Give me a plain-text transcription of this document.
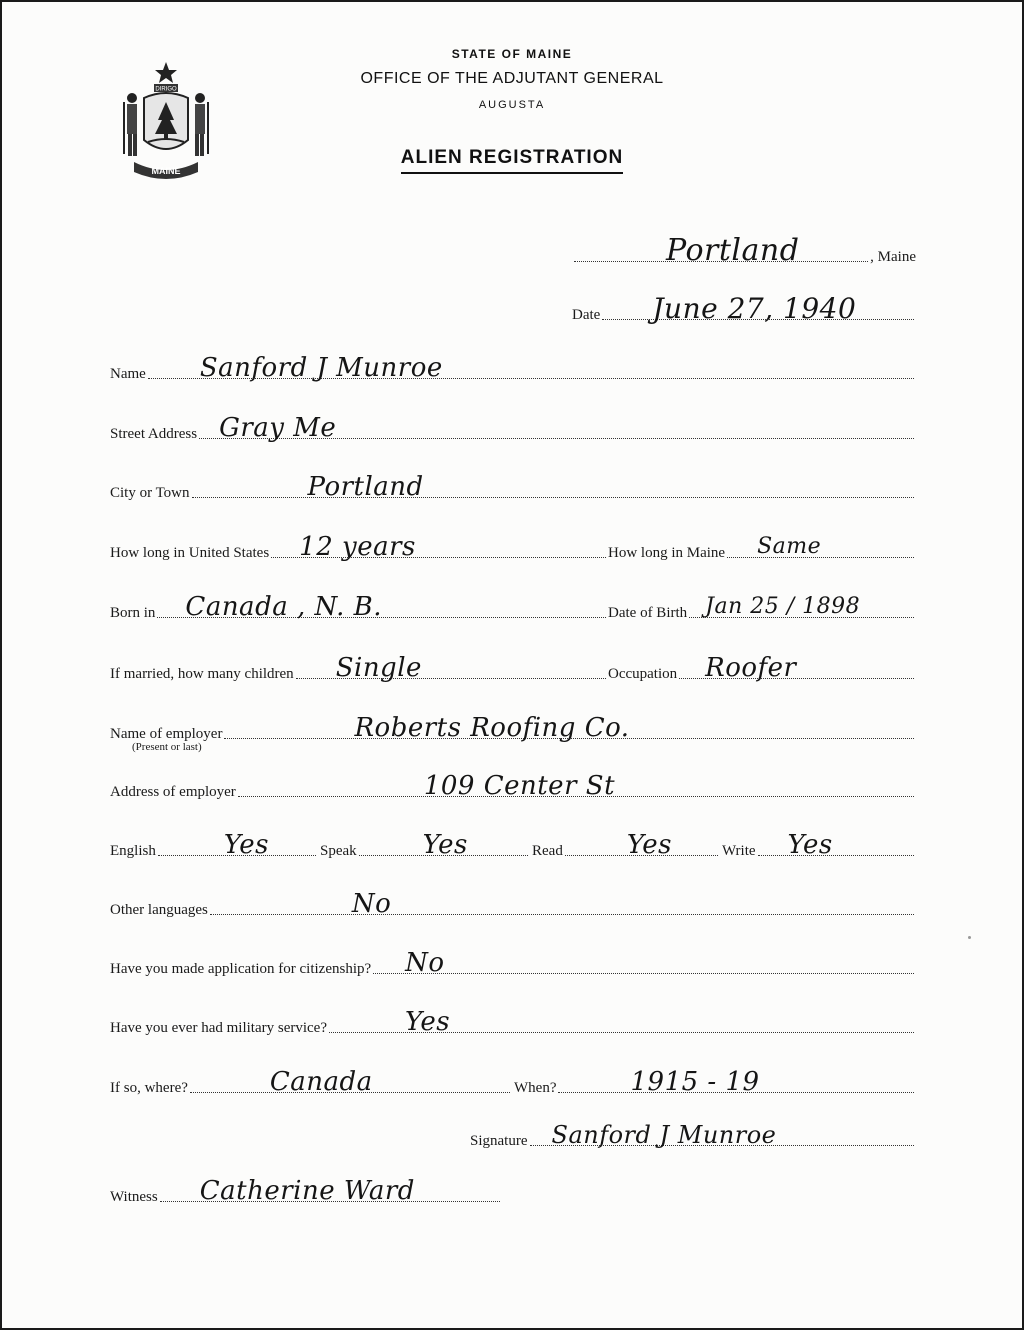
DIRIGO
MAINE
STATE OF MAINE
OFFICE OF THE ADJUTANT GENERAL
AUGUSTA
ALIEN REGISTRATION
Portland	, Maine
Date June 27, 1940
Name Sanford J Munroe
Street Address Gray Me
City or Town	Portland
How long in United States 12 years	How long in Maine Same
Born in Canada , N. B.	Date of Birth Jan 25 / 1898
If married, how many children Single	Occupation Roofer
Name of employer	Roberts Roofing Co.
(Present or last)
Address of employer	109 Center St
English	Yes	Speak	Yes	Read Yes	Write Yes
Other languages	No
Have you made application for citizenship? No
Have you ever had military service?	Yes
If so, where?	Canada	When?	1915 - 19
Signature Sanford J Munroe
Witness Catherine Ward
